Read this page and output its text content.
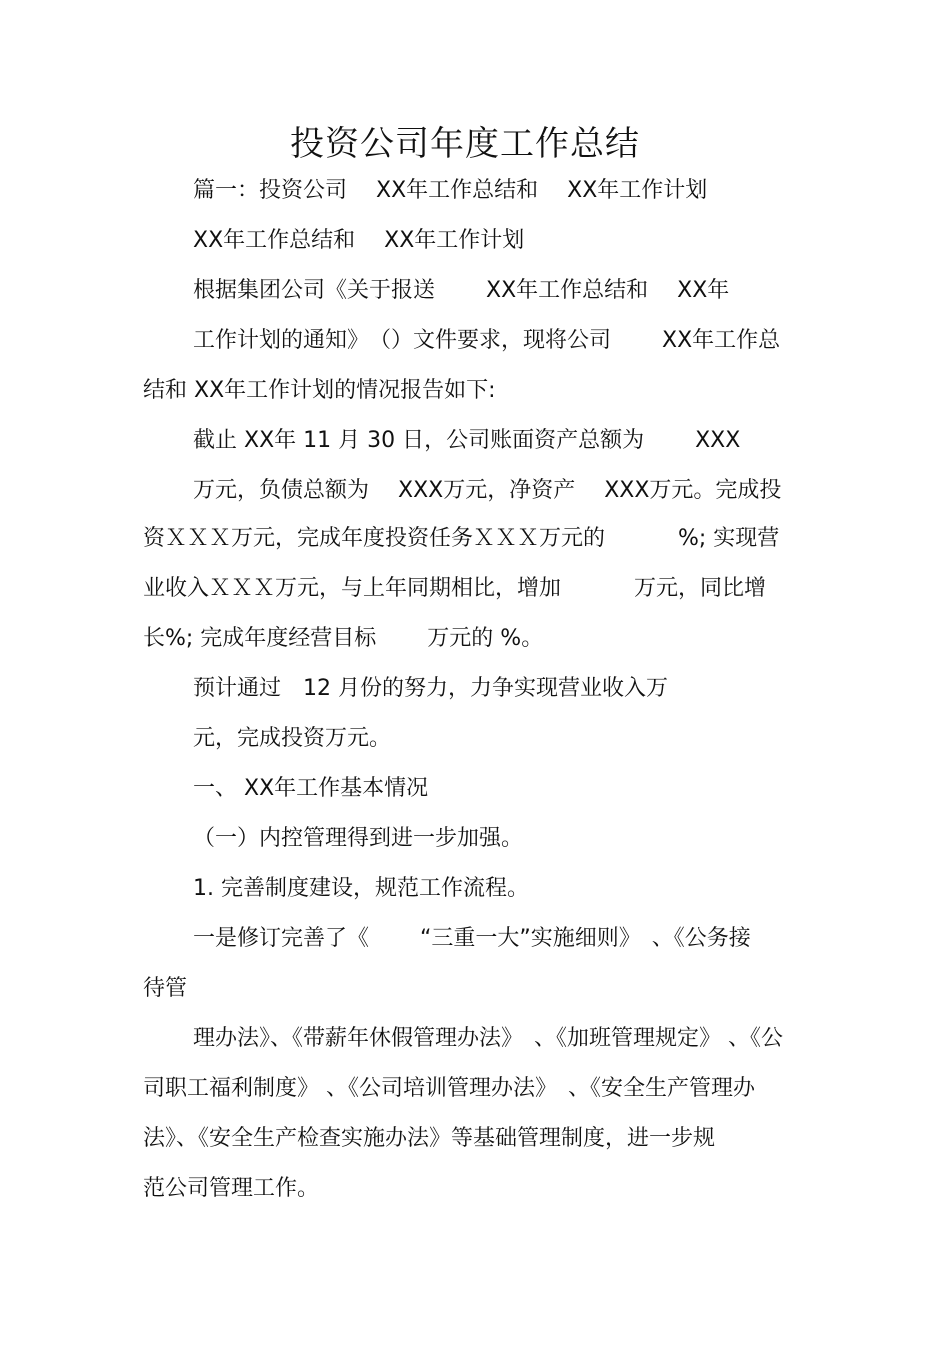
投资公司年度工作总结
篇一：投资公司　 XX年工作总结和　 XX年工作计划
XX年工作总结和　 XX年工作计划
根据集团公司《关于报送　 　XX年工作总结和　 XX年
工作计划的通知》　（）文件要求，现将公司　 　XX年工作总
结和 XX年工作计划的情况报告如下:
截止 XX年 11 月 30 日，公司账面资产总额为　 　XXX
万元，负债总额为　 XXX万元，净资产　 XXX万元。完成投
资ＸＸＸ万元，完成年度投资任务ＸＸＸ万元的　　　 %; 实现营
业收入ＸＸＸ万元，与上年同期相比，增加　　　 万元，同比增
长%; 完成年度经营目标　　 万元的 %。
预计通过　12 月份的努力，力争实现营业收入万
元，完成投资万元。
一、 XX年工作基本情况
（一）内控管理得到进一步加强。
1. 完善制度建设，规范工作流程。
一是修订完善了《　　 “三重一大”实施细则》　、《公务接
待管
理办法》、《带薪年休假管理办法》　、《加班管理规定》 、《公
司职工福利制度》 、《公司培训管理办法》　、《安全生产管理办
法》、《安全生产检查实施办法》等基础管理制度，进一步规
范公司管理工作。
